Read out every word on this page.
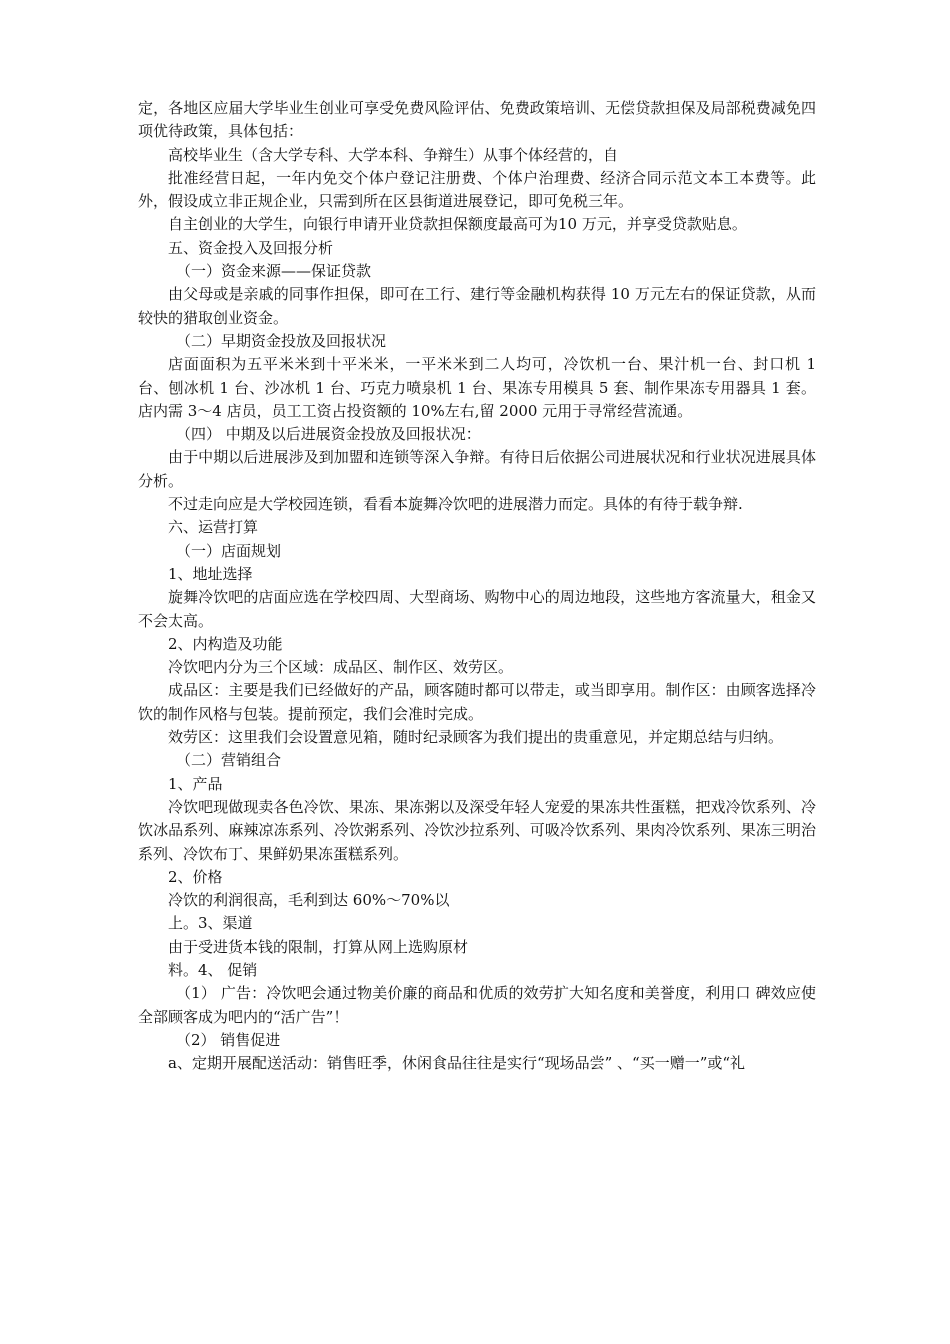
定，各地区应届大学毕业生创业可享受免费风险评估、免费政策培训、无偿贷款担保及局部税费减免四项优待政策，具体包括：

高校毕业生（含大学专科、大学本科、争辩生）从事个体经营的，自

批准经营日起，一年内免交个体户登记注册费、个体户治理费、经济合同示范文本工本费等。此外，假设成立非正规企业，只需到所在区县街道进展登记，即可免税三年。

自主创业的大学生，向银行申请开业贷款担保额度最高可为10 万元，并享受贷款贴息。

五、资金投入及回报分析

（一）资金来源——保证贷款

由父母或是亲戚的同事作担保，即可在工行、建行等金融机构获得 10 万元左右的保证贷款，从而较快的猎取创业资金。

（二）早期资金投放及回报状况

店面面积为五平米米到十平米米，一平米米到二人均可，冷饮机一台、果汁机一台、封口机 1 台、刨冰机 1 台、沙冰机 1 台、巧克力喷泉机 1 台、果冻专用模具 5 套、制作果冻专用器具 1 套。店内需 3～4 店员，员工工资占投资额的 10%左右,留 2000 元用于寻常经营流通。

（四） 中期及以后进展资金投放及回报状况：

由于中期以后进展涉及到加盟和连锁等深入争辩。有待日后依据公司进展状况和行业状况进展具体分析。

不过走向应是大学校园连锁，看看本旋舞冷饮吧的进展潜力而定。具体的有待于载争辩.

六、运营打算

（一）店面规划

1、地址选择

旋舞冷饮吧的店面应选在学校四周、大型商场、购物中心的周边地段，这些地方客流量大，租金又不会太高。

2、内构造及功能

冷饮吧内分为三个区域：成品区、制作区、效劳区。

成品区：主要是我们已经做好的产品，顾客随时都可以带走，或当即享用。制作区：由顾客选择冷饮的制作风格与包装。提前预定，我们会准时完成。

效劳区：这里我们会设置意见箱，随时纪录顾客为我们提出的贵重意见，并定期总结与归纳。

（二）营销组合

1、产品

冷饮吧现做现卖各色冷饮、果冻、果冻粥以及深受年轻人宠爱的果冻共性蛋糕，把戏冷饮系列、冷饮冰品系列、麻辣凉冻系列、冷饮粥系列、冷饮沙拉系列、可吸冷饮系列、果肉冷饮系列、果冻三明治系列、冷饮布丁、果鲜奶果冻蛋糕系列。

2、价格

冷饮的利润很高，毛利到达 60%～70%以

上。3、渠道

由于受进货本钱的限制，打算从网上选购原材

料。4、 促销

（1） 广告：冷饮吧会通过物美价廉的商品和优质的效劳扩大知名度和美誉度，利用口 碑效应使全部顾客成为吧内的“活广告”！

（2） 销售促进

a、定期开展配送活动：销售旺季，休闲食品往往是实行“现场品尝” 、“买一赠一”或“礼
